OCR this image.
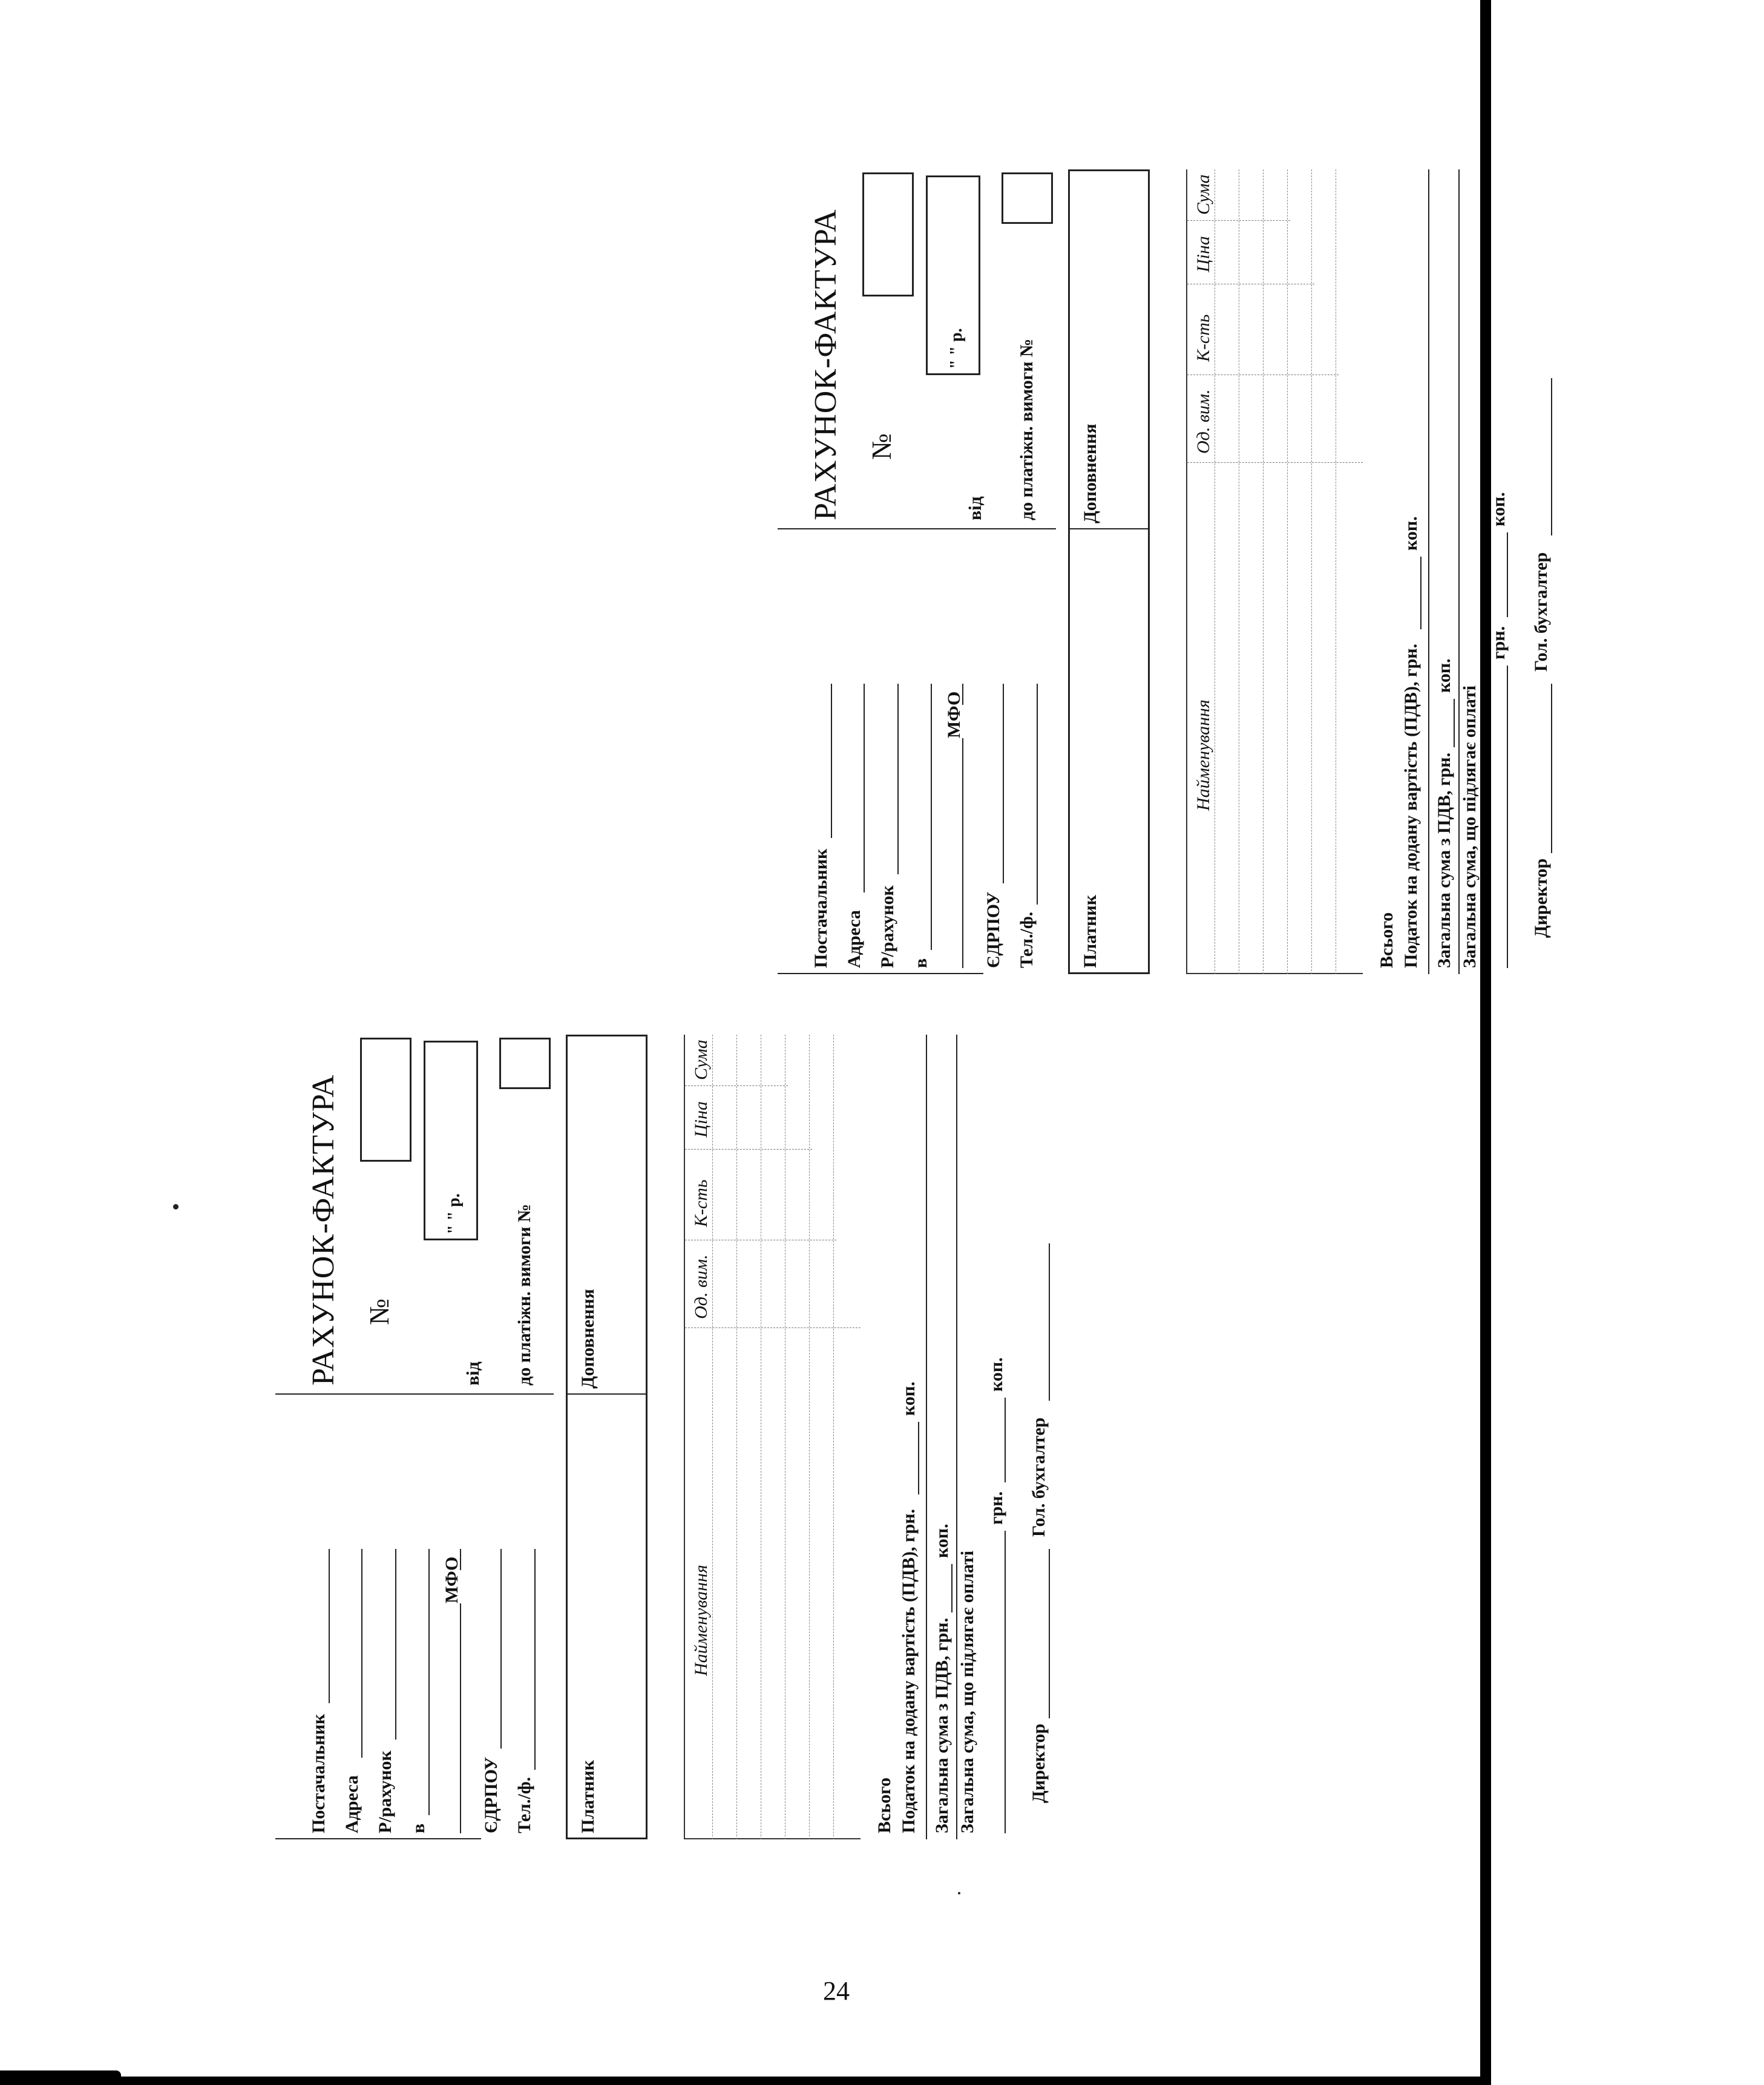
Постачальник Адреса Р/рахунок в
МФО
ЄДРПОУ Тел./ф.
РАХУНОК-ФАКТУРА №
від
" " р.	до платіжн. вимоги №
Платник
Доповнення
Найменування
Од. вим.
К-сть
Ціна
Сума
Всього Податок на додану вартість (ПДВ), грн.
коп.
Загальна сума з ПДВ, грн.
коп.
Загальна сума, що підлягає оплаті
грн.
коп.
Директор
Гол. бухгалтер
Постачальник Адреса Р/рахунок в
МФО
ЄДРПОУ Тел./ф.
РАХУНОК-ФАКТУРА №
від
" " р.	до платіжн. вимоги №
Платник
Доповнення
Найменування
Од. вим.
К-сть
Ціна
Сума
Всього Податок на додану вартість (ПДВ), грн.
коп.
Загальна сума з ПДВ, грн.
коп.
Загальна сума, що підлягає оплаті
грн.
коп.
Директор
Гол. бухгалтер
24
